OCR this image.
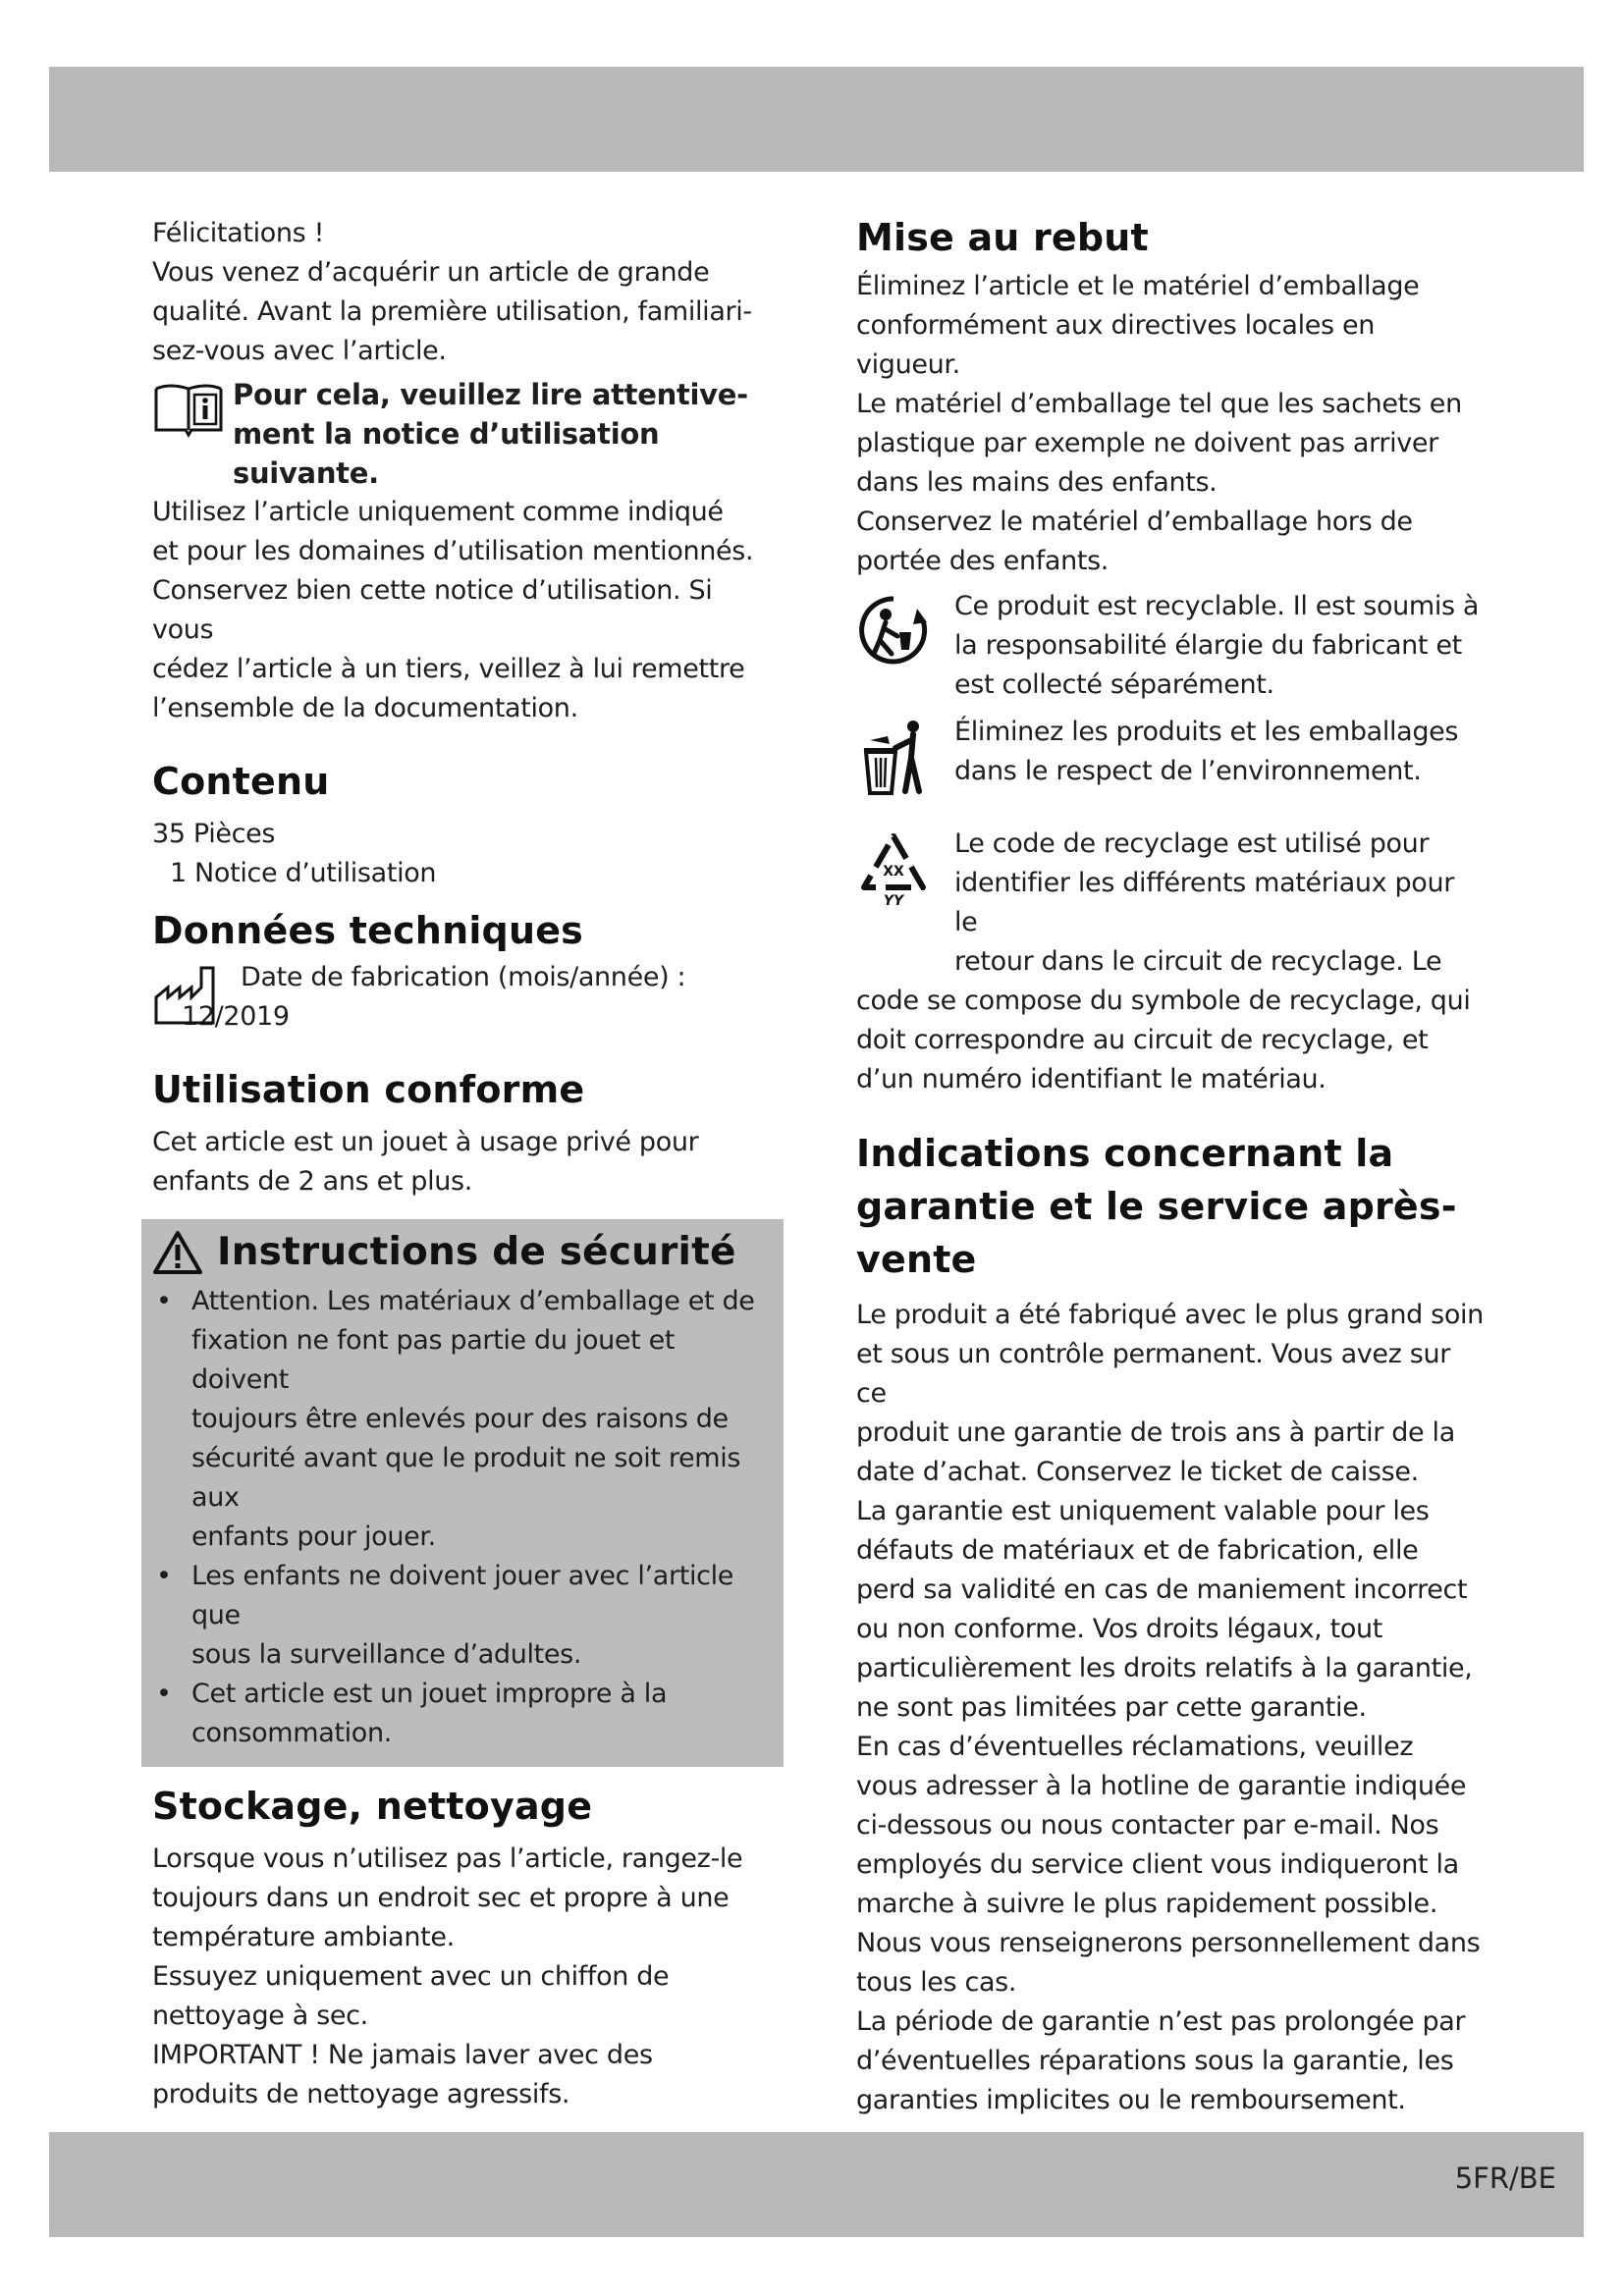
Félicitations !

Vous venez d’acquérir un article de grande

qualité. Avant la première utilisation, familiari-

sez-vous avec l’article.

Pour cela, veuillez lire attentive-

ment la notice d’utilisation suivante.

Utilisez l’article uniquement comme indiqué

et pour les domaines d’utilisation mentionnés.

Conservez bien cette notice d’utilisation. Si vous

cédez l’article à un tiers, veillez à lui remettre

l’ensemble de la documentation.

Contenu

35 Pièces

1 Notice d’utilisation

Données techniques

Date de fabrication (mois/année) :

12/2019

Utilisation conforme

Cet article est un jouet à usage privé pour

enfants de 2 ans et plus.

Instructions de sécurité
• Attention. Les matériaux d’emballage et de
fixation ne font pas partie du jouet et doivent
toujours être enlevés pour des raisons de
sécurité avant que le produit ne soit remis aux
enfants pour jouer.
• Les enfants ne doivent jouer avec l’article que
sous la surveillance d’adultes.
• Cet article est un jouet impropre à la
consommation.
Stockage, nettoyage

Lorsque vous n’utilisez pas l’article, rangez-le

toujours dans un endroit sec et propre à une

température ambiante.

Essuyez uniquement avec un chiffon de

nettoyage à sec.

IMPORTANT ! Ne jamais laver avec des

produits de nettoyage agressifs.

Mise au rebut

Éliminez l’article et le matériel d’emballage

conformément aux directives locales en vigueur.

Le matériel d’emballage tel que les sachets en

plastique par exemple ne doivent pas arriver

dans les mains des enfants.

Conservez le matériel d’emballage hors de

portée des enfants.

Ce produit est recyclable. Il est soumis à

la responsabilité élargie du fabricant et

est collecté séparément.

Éliminez les produits et les emballages

dans le respect de l’environnement.

XX
YY

Le code de recyclage est utilisé pour

identifier les différents matériaux pour le

retour dans le circuit de recyclage. Le

code se compose du symbole de recyclage, qui

doit correspondre au circuit de recyclage, et

d’un numéro identifiant le matériau.

Indications concernant la
garantie et le service après-
vente

Le produit a été fabriqué avec le plus grand soin

et sous un contrôle permanent. Vous avez sur ce

produit une garantie de trois ans à partir de la

date d’achat. Conservez le ticket de caisse.

La garantie est uniquement valable pour les

défauts de matériaux et de fabrication, elle

perd sa validité en cas de maniement incorrect

ou non conforme. Vos droits légaux, tout

particulièrement les droits relatifs à la garantie,

ne sont pas limitées par cette garantie.

En cas d’éventuelles réclamations, veuillez

vous adresser à la hotline de garantie indiquée

ci-dessous ou nous contacter par e-mail. Nos

employés du service client vous indiqueront la

marche à suivre le plus rapidement possible.

Nous vous renseignerons personnellement dans

tous les cas.

La période de garantie n’est pas prolongée par

d’éventuelles réparations sous la garantie, les

garanties implicites ou le remboursement.

5FR/BE
